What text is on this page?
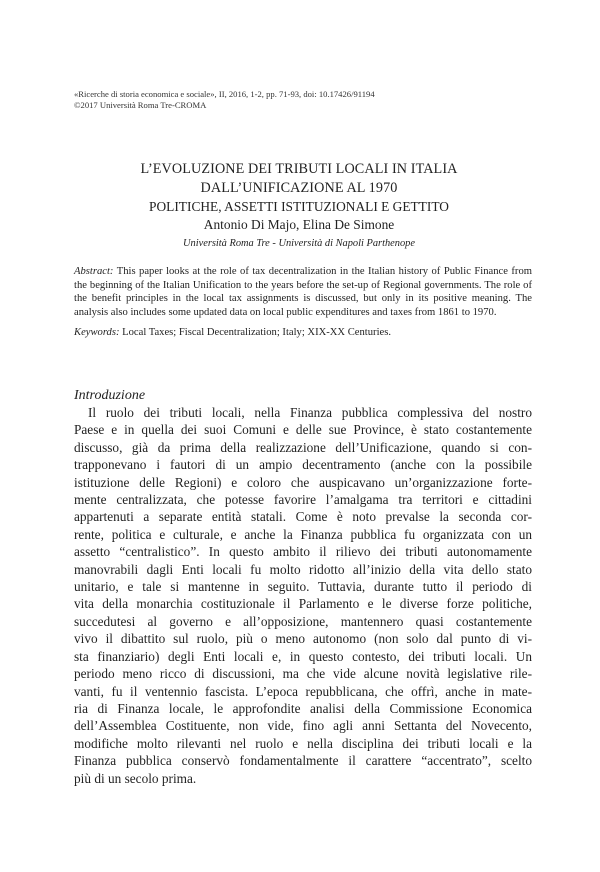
«Ricerche di storia economica e sociale», II, 2016, 1-2, pp. 71-93, doi: 10.17426/91194
©2017 Università Roma Tre-CROMA
L’EVOLUZIONE DEI TRIBUTI LOCALI IN ITALIA
DALL’UNIFICAZIONE AL 1970
POLITICHE, ASSETTI ISTITUZIONALI E GETTITO
Antonio Di Majo, Elina De Simone
Università Roma Tre - Università di Napoli Parthenope

Abstract: This paper looks at the role of tax decentralization in the Italian history of Public Finance from the beginning of the Italian Unification to the years before the set-up of Regional governments. The role of the benefit principles in the local tax assignments is discussed, but only in its positive meaning. The analysis also includes some updated data on local public expenditures and taxes from 1861 to 1970.

Keywords: Local Taxes; Fiscal Decentralization; Italy; XIX-XX Centuries.

Introduzione
Il ruolo dei tributi locali, nella Finanza pubblica complessiva del nostro
Paese e in quella dei suoi Comuni e delle sue Province, è stato costantemente
discusso, già da prima della realizzazione dell’Unificazione, quando si con-
trapponevano i fautori di un ampio decentramento (anche con la possibile
istituzione delle Regioni) e coloro che auspicavano un’organizzazione forte-
mente centralizzata, che potesse favorire l’amalgama tra territori e cittadini
appartenuti a separate entità statali. Come è noto prevalse la seconda cor-
rente, politica e culturale, e anche la Finanza pubblica fu organizzata con un
assetto “centralistico”. In questo ambito il rilievo dei tributi autonomamente
manovrabili dagli Enti locali fu molto ridotto all’inizio della vita dello stato
unitario, e tale si mantenne in seguito. Tuttavia, durante tutto il periodo di
vita della monarchia costituzionale il Parlamento e le diverse forze politiche,
succedutesi al governo e all’opposizione, mantennero quasi costantemente
vivo il dibattito sul ruolo, più o meno autonomo (non solo dal punto di vi-
sta finanziario) degli Enti locali e, in questo contesto, dei tributi locali. Un
periodo meno ricco di discussioni, ma che vide alcune novità legislative rile-
vanti, fu il ventennio fascista. L’epoca repubblicana, che offrì, anche in mate-
ria di Finanza locale, le approfondite analisi della Commissione Economica
dell’Assemblea Costituente, non vide, fino agli anni Settanta del Novecento,
modifiche molto rilevanti nel ruolo e nella disciplina dei tributi locali e la
Finanza pubblica conservò fondamentalmente il carattere “accentrato”, scelto
più di un secolo prima.
